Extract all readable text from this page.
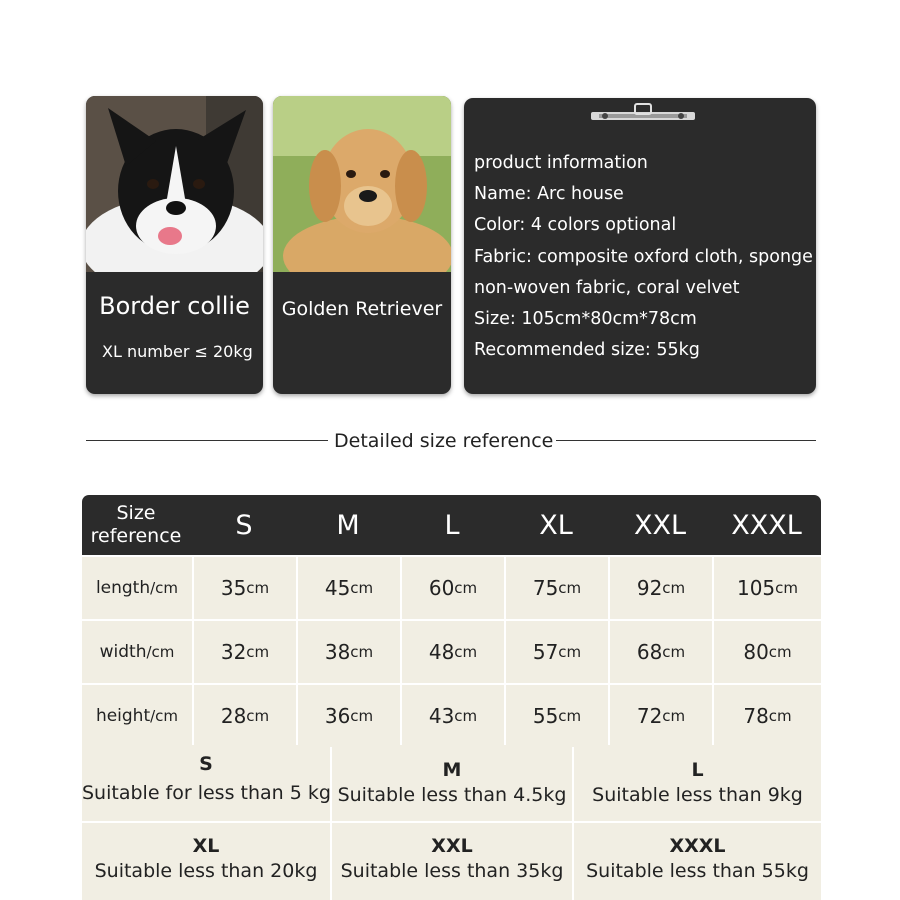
Border collie
XL number ≤ 20kg
Golden Retriever
product information
Name: Arc house
Color: 4 colors optional
Fabric: composite oxford cloth, sponge
non-woven fabric, coral velvet
Size: 105cm*80cm*78cm
Recommended size: 55kg
Detailed size reference
Size
reference	S	M	L	XL	XXL	XXXL
length /cm 35 cm	45 cm	60 cm	75 cm	92 cm	105 cm
width /cm 32 cm	38 cm	48 cm	57 cm	68 cm	80 cm
height /cm 28 cm	36 cm	43 cm	55 cm	72 cm	78 cm
S
Suitable for less than 5 kg
M
Suitable less than 4.5kg
L
Suitable less than 9kg
XL
Suitable less than 20kg
XXL
Suitable less than 35kg
XXXL
Suitable less than 55kg
